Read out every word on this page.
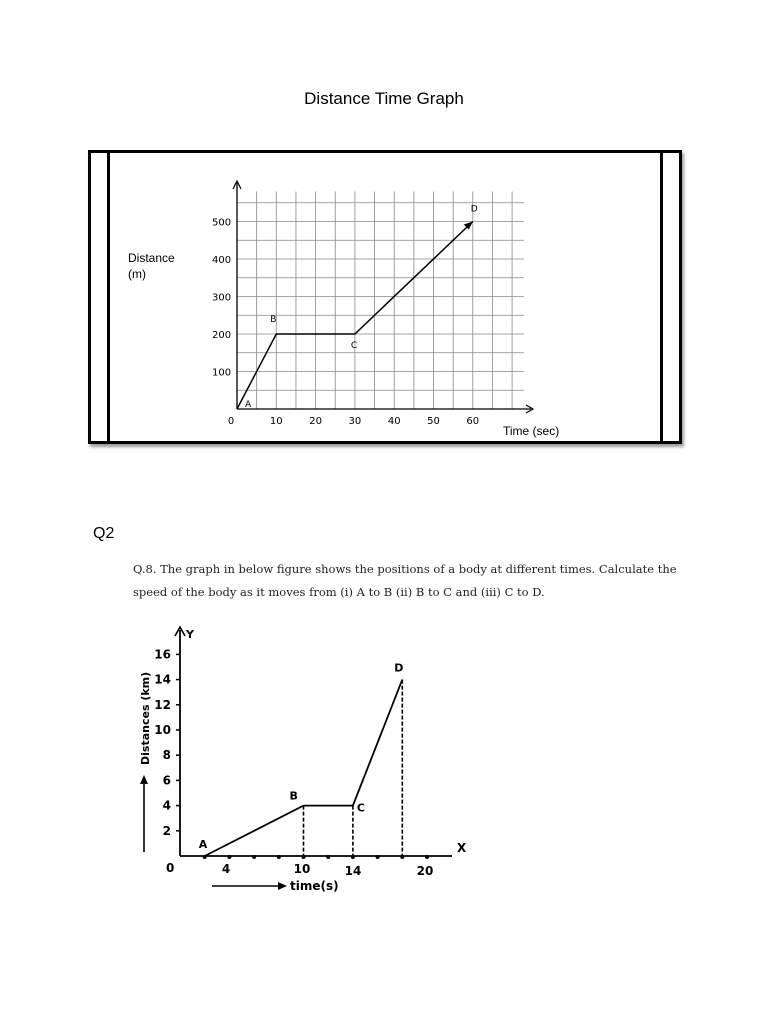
Distance Time Graph
Distance
(m)
Time (sec)
100
200
300
400
500
0	10	20	30	40	50	60
A
B
C
D
Q2
Q.8. The graph in below figure shows the positions of a body at different times. Calculate the speed of the body as it moves from (i) A to B (ii) B to C and (iii) C to D.
Y
X
0
2
4
6
8
10
12
14
16
4	10	14	20
A
B
C
D
Distances (km)
time(s)
